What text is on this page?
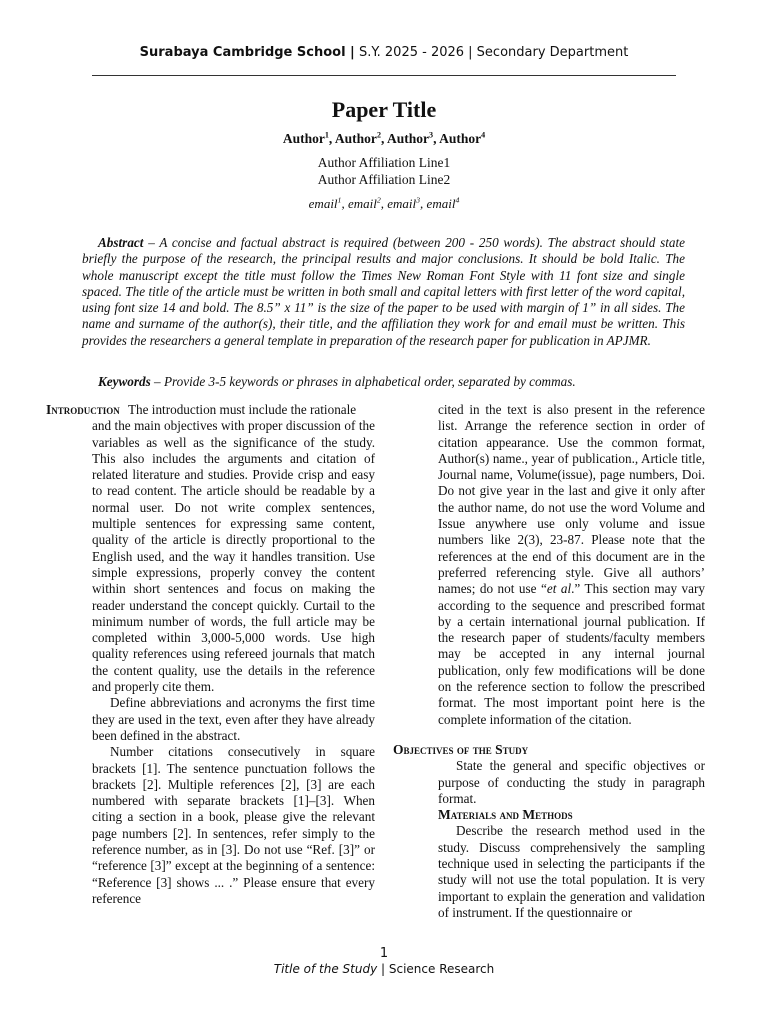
Surabaya Cambridge School | S.Y. 2025 - 2026 | Secondary Department
Paper Title
Author$^1$, Author$^2$, Author$^3$, Author$^4$
Author Affiliation Line1
Author Affiliation Line2
email$^1$, email$^2$, email$^3$, email$^4$

Abstract – A concise and factual abstract is required (between 200 - 250 words). The abstract should state briefly the purpose of the research, the principal results and major conclusions. It should be bold Italic. The whole manuscript except the title must follow the Times New Roman Font Style with 11 font size and single spaced. The title of the article must be written in both small and capital letters with first letter of the word capital, using font size 14 and bold. The 8.5” x 11” is the size of the paper to be used with margin of 1” in all sides. The name and surname of the author(s), their title, and the affiliation they work for and email must be written. This provides the researchers a general template in preparation of the research paper for publication in APJMR.

Keywords – Provide 3-5 keywords or phrases in alphabetical order, separated by commas.

Introduction The introduction must include the rationale

and the main objectives with proper discussion of the variables as well as the significance of the study. This also includes the arguments and citation of related literature and studies. Provide crisp and easy to read content. The article should be readable by a normal user. Do not write complex sentences, multiple sentences for expressing same content, quality of the article is directly proportional to the English used, and the way it handles transition. Use simple expressions, properly convey the content within short sentences and focus on making the reader understand the concept quickly. Curtail to the minimum number of words, the full article may be completed within 3,000-5,000 words. Use high quality references using refereed journals that match the content quality, use the details in the reference and properly cite them.

Define abbreviations and acronyms the first time they are used in the text, even after they have already been defined in the abstract.

Number citations consecutively in square brackets [1]. The sentence punctuation follows the brackets [2]. Multiple references [2], [3] are each numbered with separate brackets [1]–[3]. When citing a section in a book, please give the relevant page numbers [2]. In sentences, refer simply to the reference number, as in [3]. Do not use “Ref. [3]” or “reference [3]” except at the beginning of a sentence: “Reference [3] shows ... .” Please ensure that every reference

cited in the text is also present in the reference list. Arrange the reference section in order of citation appearance. Use the common format, Author(s) name., year of publication., Article title, Journal name, Volume(issue), page numbers, Doi. Do not give year in the last and give it only after the author name, do not use the word Volume and Issue anywhere use only volume and issue numbers like 2(3), 23-87. Please note that the references at the end of this document are in the preferred referencing style. Give all authors’ names; do not use “et al.” This section may vary according to the sequence and prescribed format by a certain international journal publication. If the research paper of students/faculty members may be accepted in any internal journal publication, only few modifications will be done on the reference section to follow the prescribed format. The most important point here is the complete information of the citation.

Objectives of the Study

State the general and specific objectives or purpose of conducting the study in paragraph format.

Materials and Methods

Describe the research method used in the study. Discuss comprehensively the sampling technique used in selecting the participants if the study will not use the total population. It is very important to explain the generation and validation of instrument. If the questionnaire or

1
Title of the Study | Science Research
